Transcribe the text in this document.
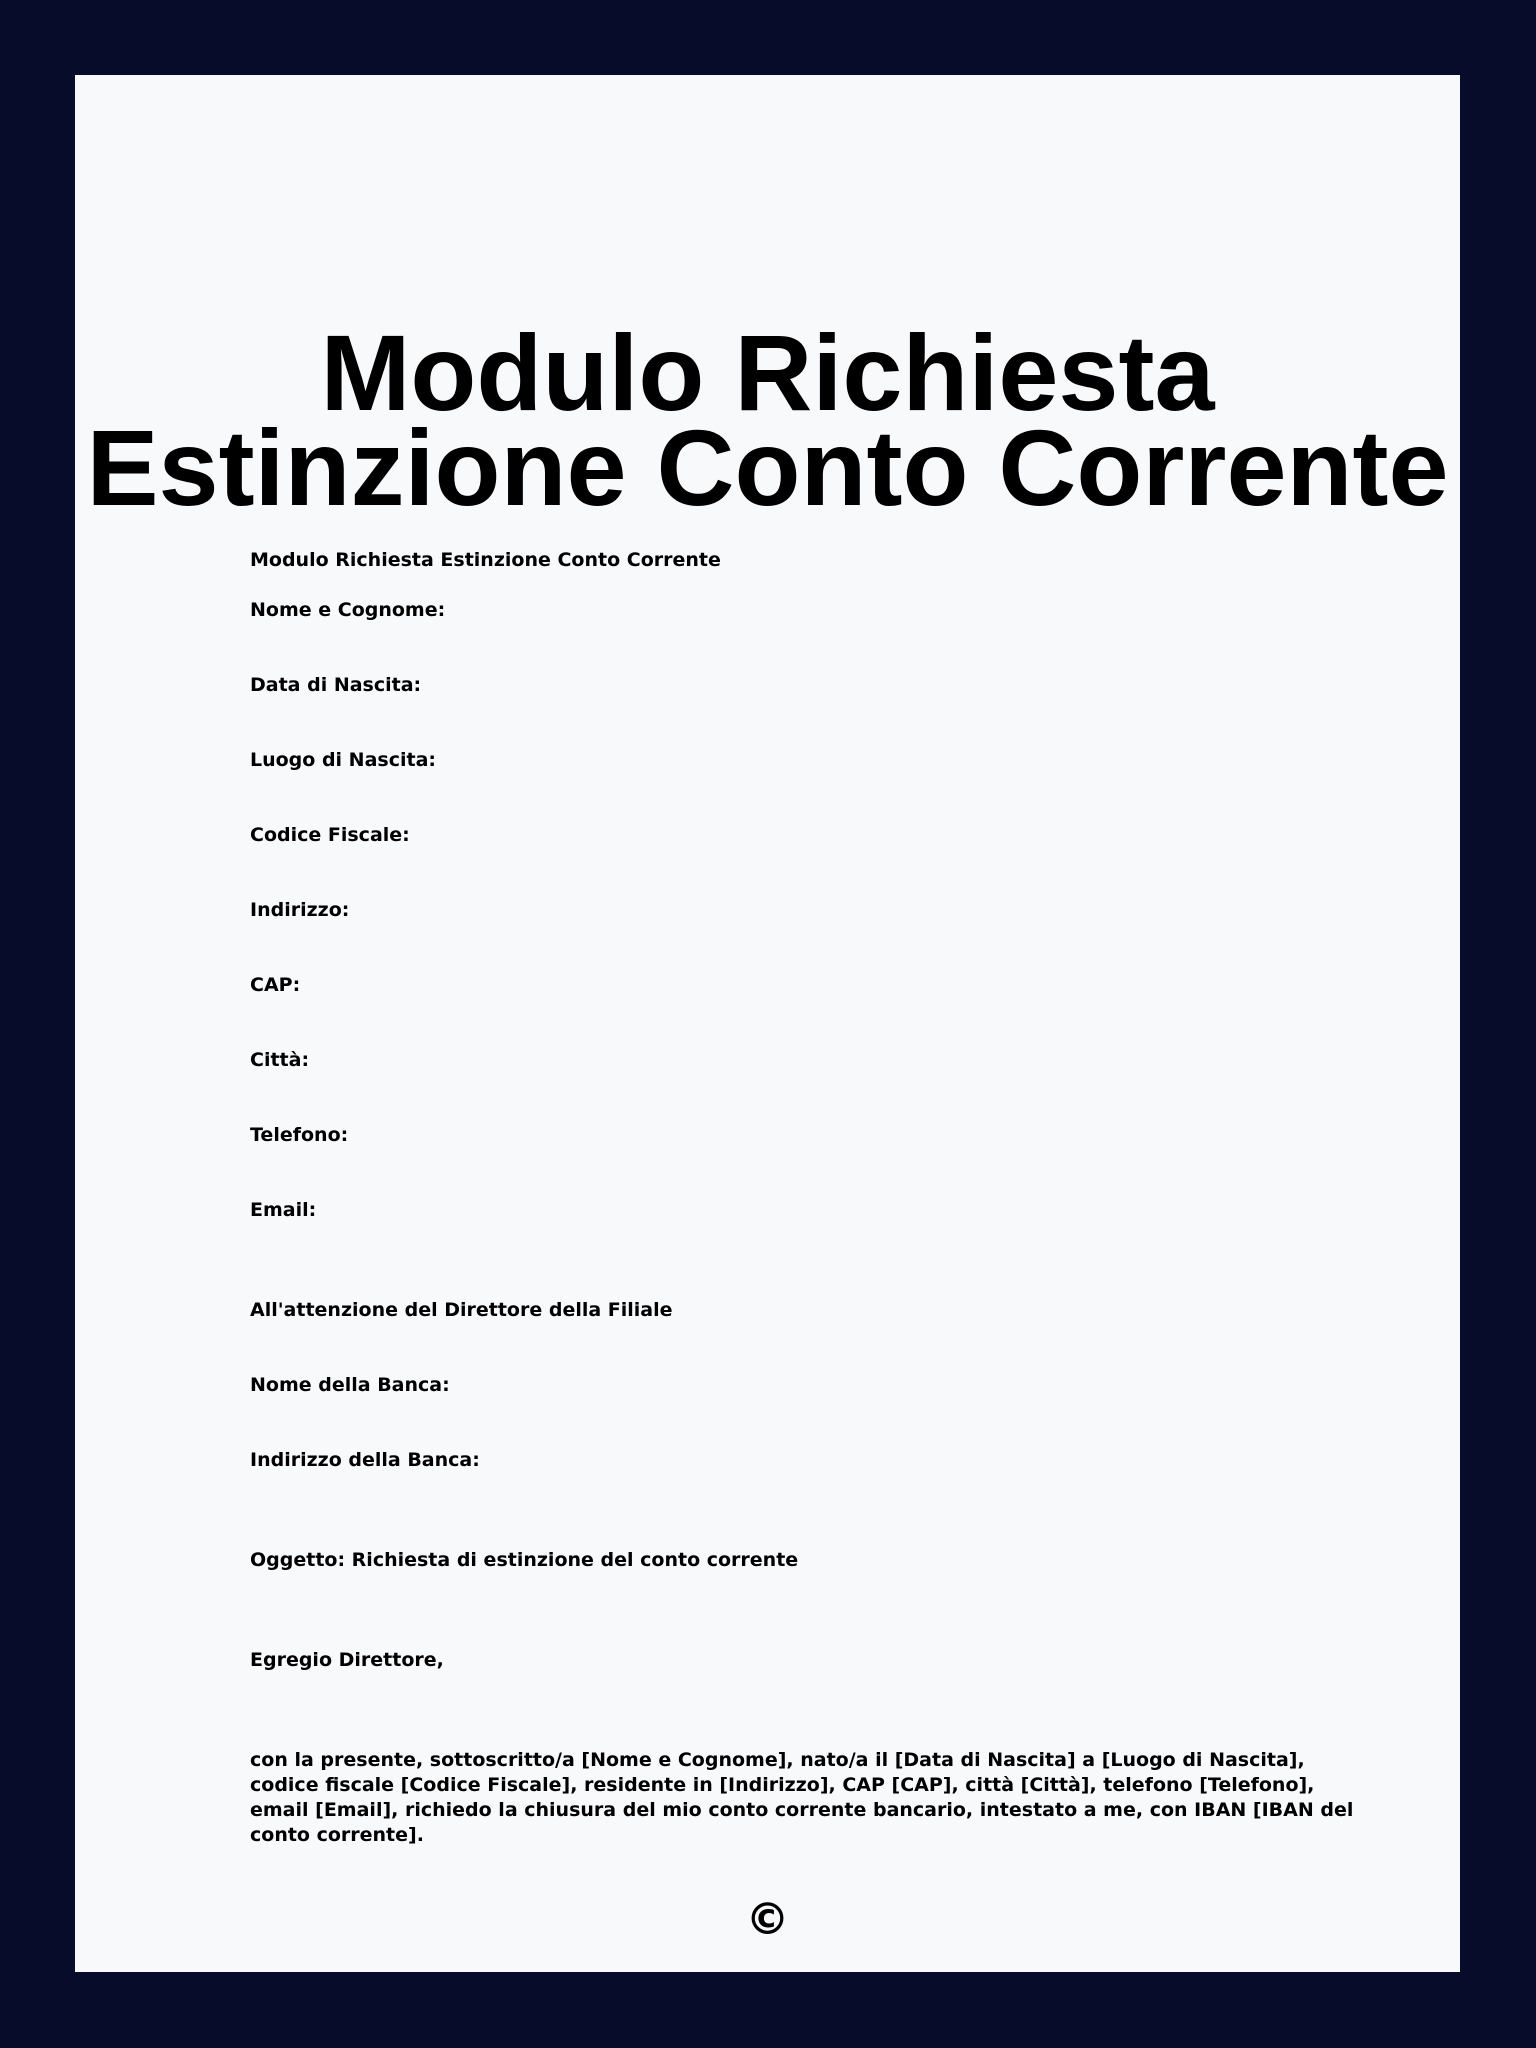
Modulo Richiesta Estinzione Conto Corrente
Modulo Richiesta Estinzione Conto Corrente
Nome e Cognome:
Data di Nascita:
Luogo di Nascita:
Codice Fiscale:
Indirizzo:
CAP:
Città:
Telefono:
Email:
All'attenzione del Direttore della Filiale
Nome della Banca:
Indirizzo della Banca:
Oggetto: Richiesta di estinzione del conto corrente
Egregio Direttore,
con la presente, sottoscritto/a [Nome e Cognome], nato/a il [Data di Nascita] a [Luogo di Nascita], codice fiscale [Codice Fiscale], residente in [Indirizzo], CAP [CAP], città [Città], telefono [Telefono], email [Email], richiedo la chiusura del mio conto corrente bancario, intestato a me, con IBAN [IBAN del conto corrente].
©
